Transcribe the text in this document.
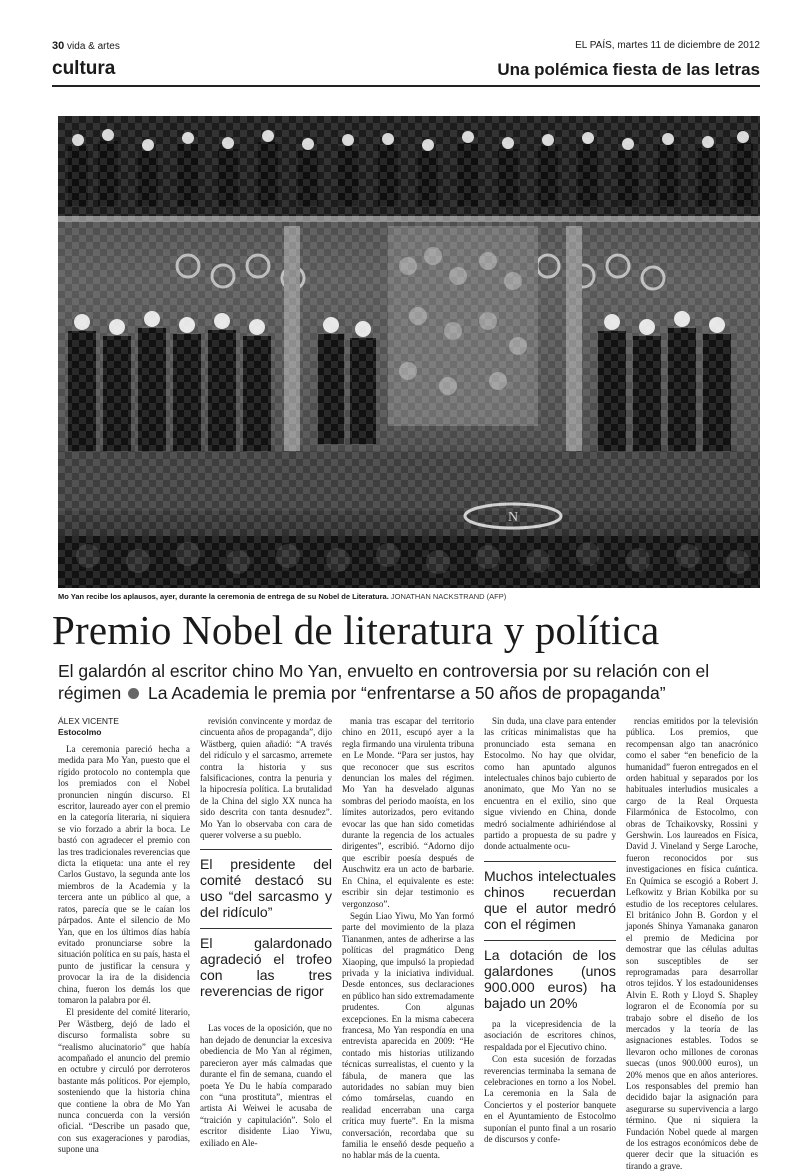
30 vida & artes	EL PAÍS, martes 11 de diciembre de 2012
cultura	Una polémica fiesta de las letras
Mo Yan recibe los aplausos, ayer, durante la ceremonia de entrega de su Nobel de Literatura. JONATHAN NACKSTRAND (AFP)
Premio Nobel de literatura y política
El galardón al escritor chino Mo Yan, envuelto en controversia por su relación con el régimen La Academia le premia por “enfrentarse a 50 años de propaganda”
ÁLEX VICENTE
Estocolmo

La ceremonia pareció hecha a medida para Mo Yan, puesto que el rígido protocolo no contempla que los premiados con el Nobel pronuncien ningún discurso. El escritor, laureado ayer con el premio en la categoría literaria, ni siquiera se vio forzado a abrir la boca. Le bastó con agradecer el premio con las tres tradicionales reverencias que dicta la etiqueta: una ante el rey Carlos Gustavo, la segunda ante los miembros de la Academia y la tercera ante un público al que, a ratos, parecía que se le caían los párpados. Ante el silencio de Mo Yan, que en los últimos días había evitado pronunciarse sobre la situación política en su país, hasta el punto de justificar la censura y provocar la ira de la disidencia china, fueron los demás los que tomaron la palabra por él.

El presidente del comité literario, Per Wästberg, dejó de lado el discurso formalista sobre su “realismo alucinatorio” que había acompañado el anuncio del premio en octubre y circuló por derroteros bastante más políticos. Por ejemplo, sosteniendo que la historia china que contiene la obra de Mo Yan nunca concuerda con la versión oficial. “Describe un pasado que, con sus exageraciones y parodias, supone una

revisión convincente y mordaz de cincuenta años de propaganda”, dijo Wästberg, quien añadió: “A través del ridículo y el sarcasmo, arremete contra la historia y sus falsificaciones, contra la penuria y la hipocresía política. La brutalidad de la China del siglo XX nunca ha sido descrita con tanta desnudez”. Mo Yan lo observaba con cara de querer volverse a su pueblo.

El presidente del comité destacó su uso “del sarcasmo y del ridículo”
El galardonado agradeció el trofeo con las tres reverencias de rigor

Las voces de la oposición, que no han dejado de denunciar la excesiva obediencia de Mo Yan al régimen, parecieron ayer más calmadas que durante el fin de semana, cuando el poeta Ye Du le había comparado con “una prostituta”, mientras el artista Ai Weiwei le acusaba de “traición y capitulación”. Solo el escritor disidente Liao Yiwu, exiliado en Ale-

mania tras escapar del territorio chino en 2011, escupó ayer a la regla firmando una virulenta tribuna en Le Monde. “Para ser justos, hay que reconocer que sus escritos denuncian los males del régimen. Mo Yan ha desvelado algunas sombras del periodo maoísta, en los límites autorizados, pero evitando evocar las que han sido cometidas durante la regencia de los actuales dirigentes”, escribió. “Adorno dijo que escribir poesía después de Auschwitz era un acto de barbarie. En China, el equivalente es este: escribir sin dejar testimonio es vergonzoso”.

Según Liao Yiwu, Mo Yan formó parte del movimiento de la plaza Tiananmen, antes de adherirse a las políticas del pragmático Deng Xiaoping, que impulsó la propiedad privada y la iniciativa individual. Desde entonces, sus declaraciones en público han sido extremadamente prudentes. Con algunas excepciones. En la misma cabecera francesa, Mo Yan respondía en una entrevista aparecida en 2009: “He contado mis historias utilizando técnicas surrealistas, el cuento y la fábula, de manera que las autoridades no sabían muy bien cómo tomárselas, cuando en realidad encerraban una carga crítica muy fuerte”. En la misma conversación, recordaba que su familia le enseñó desde pequeño a no hablar más de la cuenta.

Sin duda, una clave para entender las críticas minimalistas que ha pronunciado esta semana en Estocolmo. No hay que olvidar, como han apuntado algunos intelectuales chinos bajo cubierto de anonimato, que Mo Yan no se encuentra en el exilio, sino que sigue viviendo en China, donde medró socialmente adhiriéndose al partido a propuesta de su padre y donde actualmente ocu-

Muchos intelectuales chinos recuerdan que el autor medró con el régimen
La dotación de los galardones (unos 900.000 euros) ha bajado un 20%

pa la vicepresidencia de la asociación de escritores chinos, respaldada por el Ejecutivo chino.

Con esta sucesión de forzadas reverencias terminaba la semana de celebraciones en torno a los Nobel. La ceremonia en la Sala de Conciertos y el posterior banquete en el Ayuntamiento de Estocolmo suponían el punto final a un rosario de discursos y confe-

rencias emitidos por la televisión pública. Los premios, que recompensan algo tan anacrónico como el saber “en beneficio de la humanidad” fueron entregados en el orden habitual y separados por los habituales interludios musicales a cargo de la Real Orquesta Filarmónica de Estocolmo, con obras de Tchaikovsky, Rossini y Gershwin. Los laureados en Física, David J. Vineland y Serge Laroche, fueron reconocidos por sus investigaciones en física cuántica. En Química se escogió a Robert J. Lefkowitz y Brian Kobilka por su estudio de los receptores celulares. El británico John B. Gordon y el japonés Shinya Yamanaka ganaron el premio de Medicina por demostrar que las células adultas son susceptibles de ser reprogramadas para desarrollar otros tejidos. Y los estadounidenses Alvin E. Roth y Lloyd S. Shapley lograron el de Economía por su trabajo sobre el diseño de los mercados y la teoría de las asignaciones estables. Todos se llevaron ocho millones de coronas suecas (unos 900.000 euros), un 20% menos que en años anteriores. Los responsables del premio han decidido bajar la asignación para asegurarse su supervivencia a largo término. Que ni siquiera la Fundación Nobel quede al margen de los estragos económicos debe de querer decir que la situación es tirando a grave.
